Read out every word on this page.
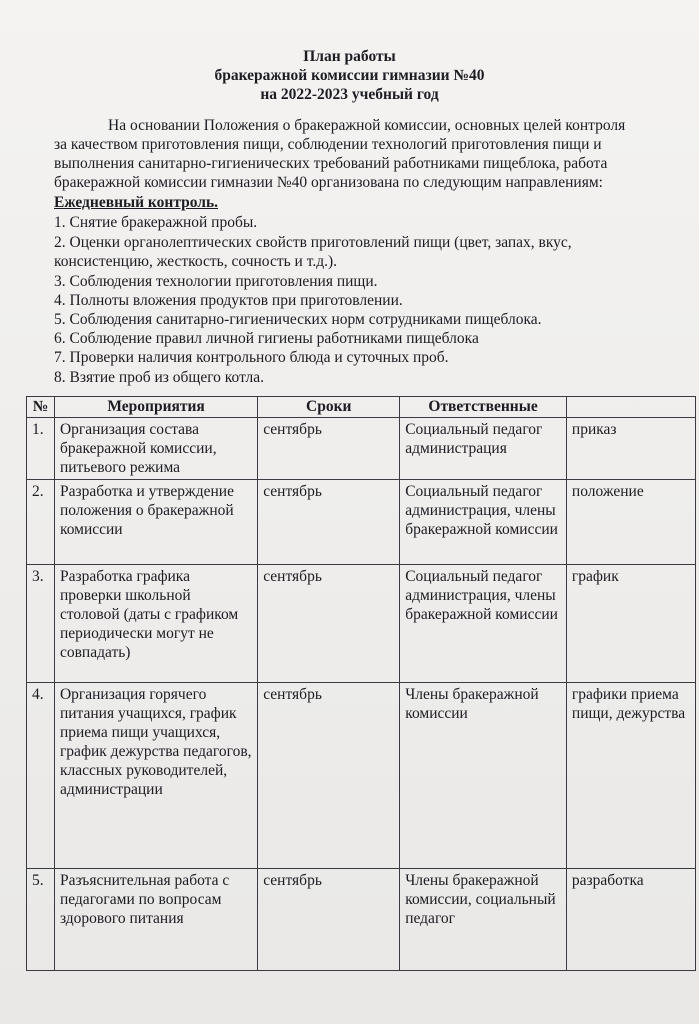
План работы
бракеражной комиссии гимназии №40
на 2022-2023 учебный год
На основании Положения о бракеражной комиссии, основных целей контроля
за качеством приготовления пищи, соблюдении технологий приготовления пищи и
выполнения санитарно-гигиенических требований работниками пищеблока, работа
бракеражной комиссии гимназии №40 организована по следующим направлениям:
Ежедневный контроль.
1. Снятие бракеражной пробы.
2. Оценки органолептических свойств приготовлений пищи (цвет, запах, вкус,
консистенцию, жесткость, сочность и т.д.).
3. Соблюдения технологии приготовления пищи.
4. Полноты вложения продуктов при приготовлении.
5. Соблюдения санитарно-гигиенических норм сотрудниками пищеблока.
6. Соблюдение правил личной гигиены работниками пищеблока
7. Проверки наличия контрольного блюда и суточных проб.
8. Взятие проб из общего котла.
№	Мероприятия	Сроки	Ответственные	
1.	Организация состава бракеражной комиссии, питьевого режима	сентябрь	Социальный педагог администрация	приказ
2.	Разработка и утверждение положения о бракеражной комиссии	сентябрь	Социальный педагог администрация, члены бракеражной комиссии	положение
3.	Разработка графика проверки школьной столовой (даты с графиком периодически могут не совпадать)	сентябрь	Социальный педагог администрация, члены бракеражной комиссии	график
4.	Организация горячего питания учащихся, график приема пищи учащихся, график дежурства педагогов, классных руководителей, администрации	сентябрь	Члены бракеражной комиссии	графики приема пищи, дежурства
5.	Разъяснительная работа с педагогами по вопросам здорового питания	сентябрь	Члены бракеражной комиссии, социальный педагог	разработка
